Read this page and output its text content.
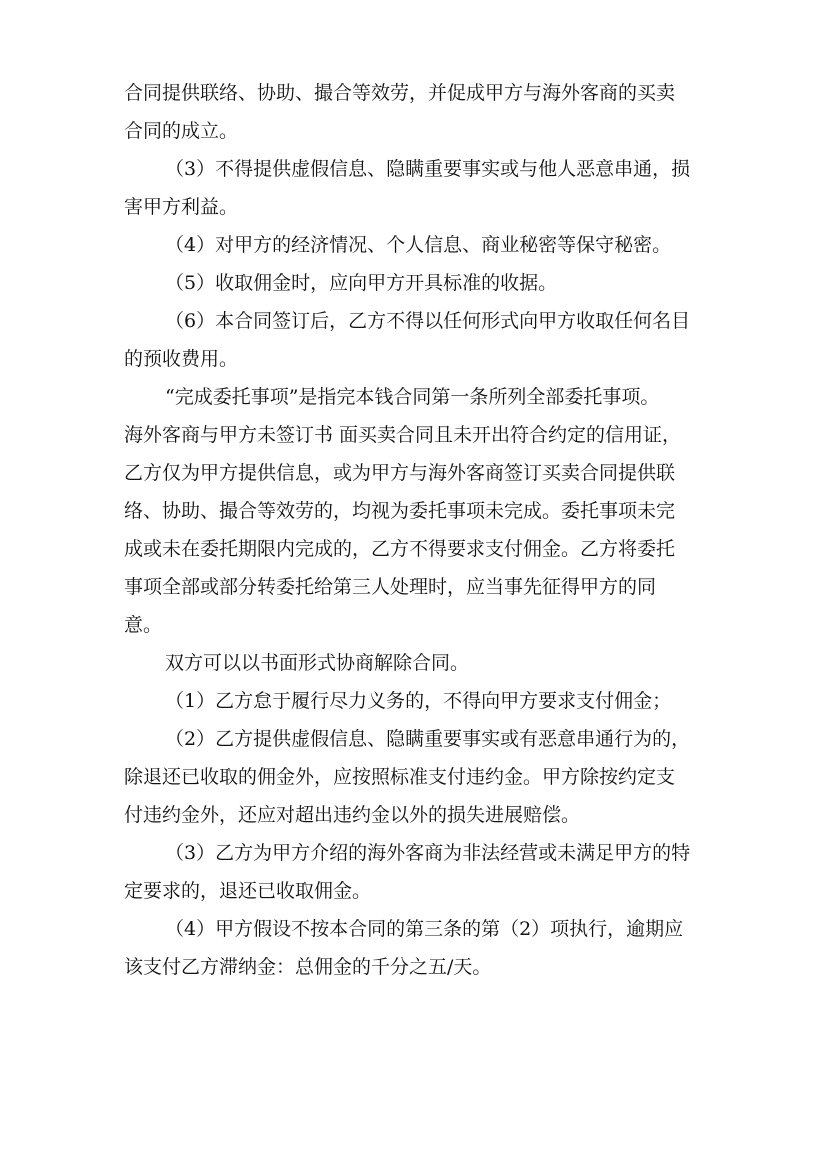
合同提供联络、协助、撮合等效劳，并促成甲方与海外客商的买卖
合同的成立。
（3）不得提供虚假信息、隐瞒重要事实或与他人恶意串通，损
害甲方利益。
（4）对甲方的经济情况、个人信息、商业秘密等保守秘密。
（5）收取佣金时，应向甲方开具标准的收据。
（6）本合同签订后，乙方不得以任何形式向甲方收取任何名目
的预收费用。
“完成委托事项”是指完本钱合同第一条所列全部委托事项。
海外客商与甲方未签订书 面买卖合同且未开出符合约定的信用证，
乙方仅为甲方提供信息，或为甲方与海外客商签订买卖合同提供联
络、协助、撮合等效劳的，均视为委托事项未完成。委托事项未完
成或未在委托期限内完成的，乙方不得要求支付佣金。乙方将委托
事项全部或部分转委托给第三人处理时，应当事先征得甲方的同
意。
双方可以以书面形式协商解除合同。
（1）乙方怠于履行尽力义务的，不得向甲方要求支付佣金；
（2）乙方提供虚假信息、隐瞒重要事实或有恶意串通行为的，
除退还已收取的佣金外，应按照标准支付违约金。甲方除按约定支
付违约金外，还应对超出违约金以外的损失进展赔偿。
（3）乙方为甲方介绍的海外客商为非法经营或未满足甲方的特
定要求的，退还已收取佣金。
（4）甲方假设不按本合同的第三条的第（2）项执行，逾期应
该支付乙方滞纳金：总佣金的千分之五/天。
